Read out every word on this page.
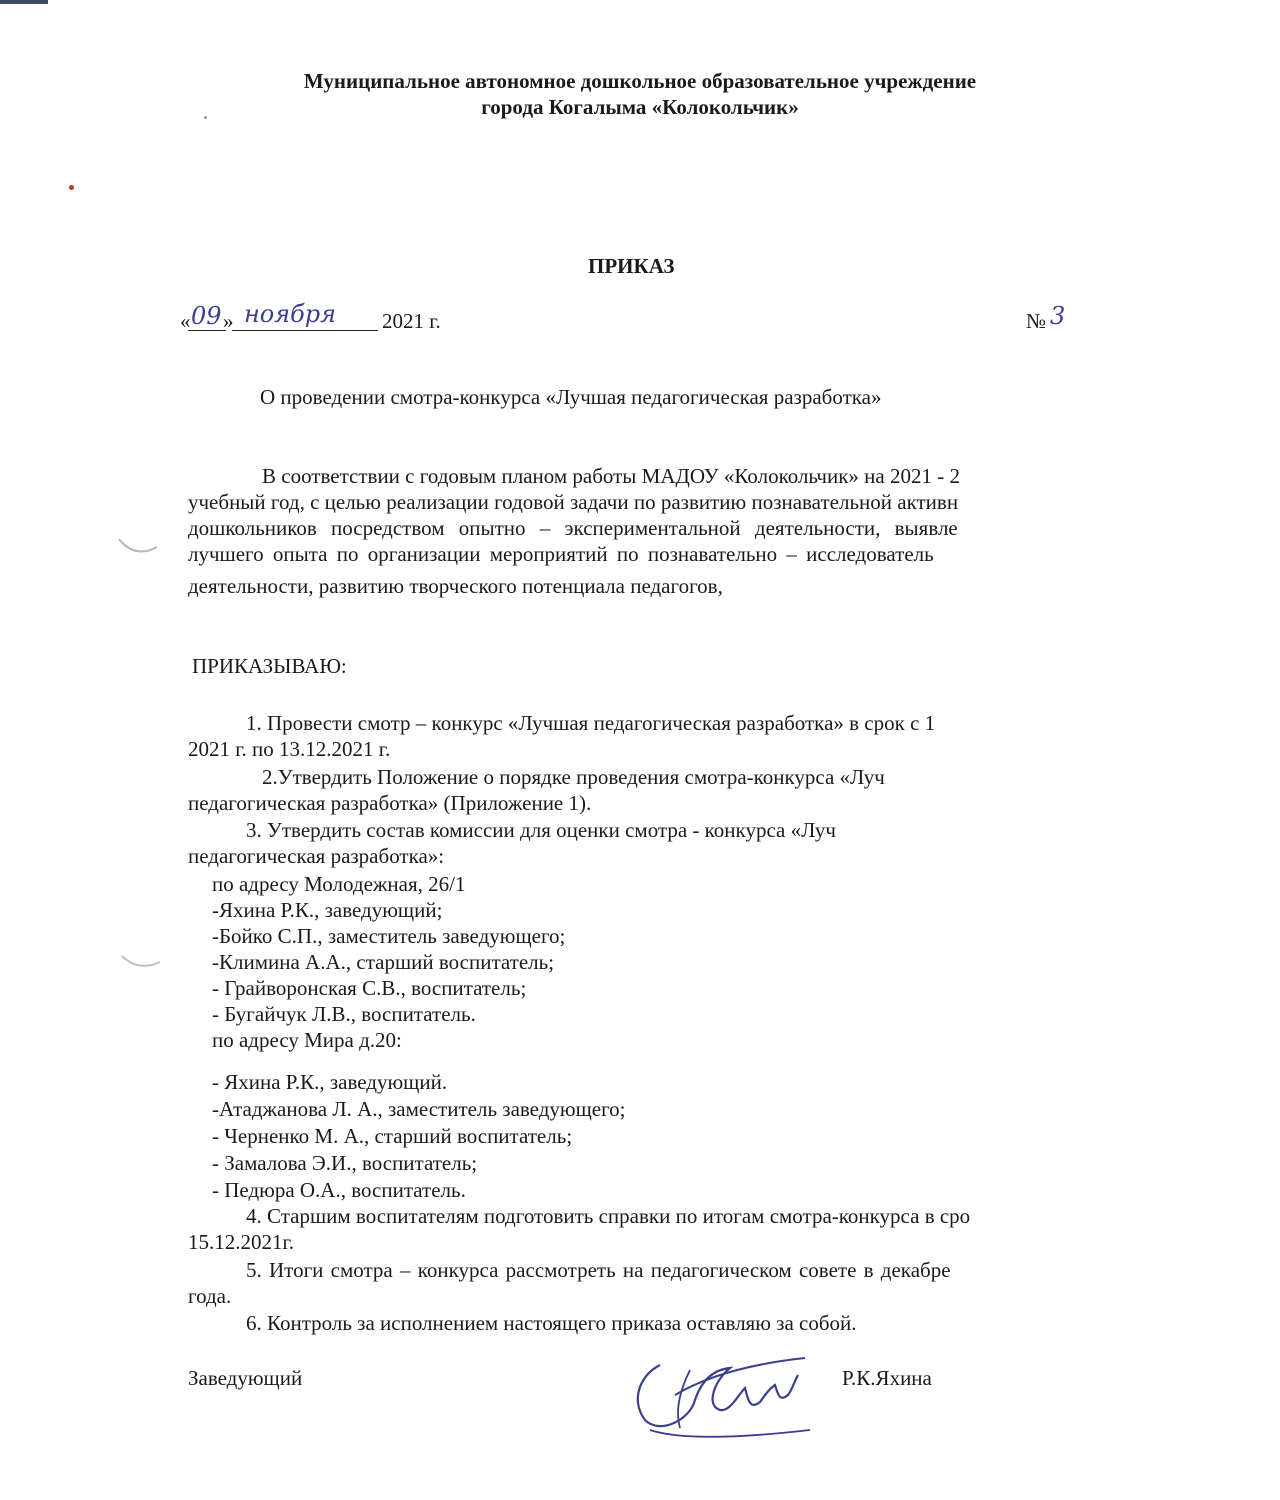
Муниципальное автономное дошкольное образовательное учреждение
города Когалыма «Колокольчик»
ПРИКАЗ
« 09 » ноября 2021 г.	№ 3
О проведении смотра-конкурса «Лучшая педагогическая разработка»
В соответствии с годовым планом работы МАДОУ «Колокольчик» на 2021 - 2
учебный год, с целью реализации годовой задачи по развитию познавательной активн
дошкольников посредством опытно – экспериментальной деятельности, выявле
лучшего опыта по организации мероприятий по познавательно – исследователь
деятельности, развитию творческого потенциала педагогов,
ПРИКАЗЫВАЮ:
1. Провести смотр – конкурс «Лучшая педагогическая разработка» в срок с 1
2021 г. по 13.12.2021 г.
2.Утвердить Положение о порядке проведения смотра-конкурса «Луч
педагогическая разработка» (Приложение 1).
3. Утвердить состав комиссии для оценки смотра - конкурса «Луч
педагогическая разработка»:
по адресу Молодежная, 26/1
-Яхина Р.К., заведующий;
-Бойко С.П., заместитель заведующего;
-Климина А.А., старший воспитатель;
- Грайворонская С.В., воспитатель;
- Бугайчук Л.В., воспитатель.
по адресу Мира д.20:
- Яхина Р.К., заведующий.
-Атаджанова Л. А., заместитель заведующего;
- Черненко М. А., старший воспитатель;
- Замалова Э.И., воспитатель;
- Педюра О.А., воспитатель.
4. Старшим воспитателям подготовить справки по итогам смотра-конкурса в сро
15.12.2021г.
5. Итоги смотра – конкурса рассмотреть на педагогическом совете в декабре
года.
6. Контроль за исполнением настоящего приказа оставляю за собой.
Заведующий	Р.К.Яхина
